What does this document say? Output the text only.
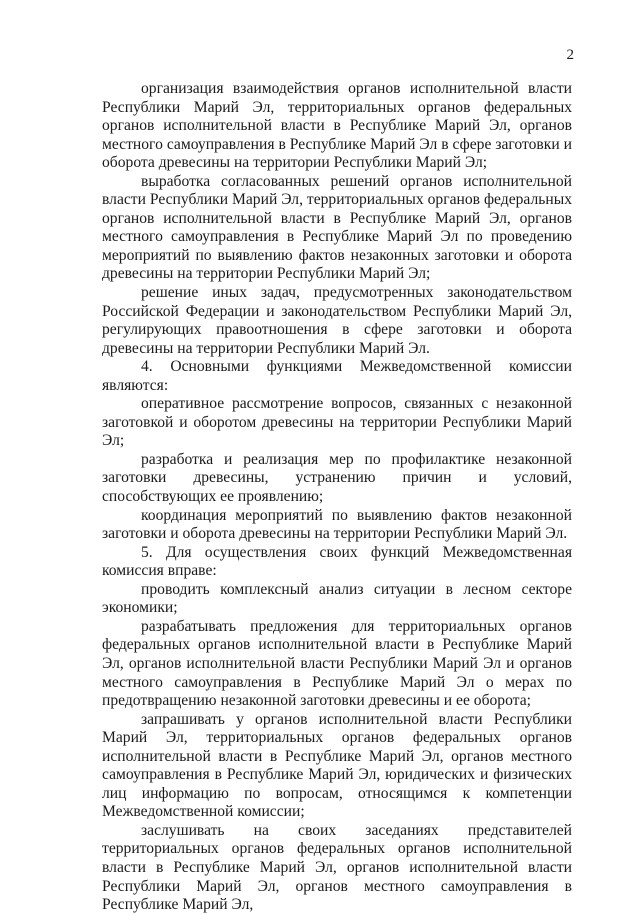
2

организация взаимодействия органов исполнительной власти Республики Марий Эл, территориальных органов федеральных органов исполнительной власти в Республике Марий Эл, органов местного самоуправления в Республике Марий Эл в сфере заготовки и оборота древесины на территории Республики Марий Эл;

выработка согласованных решений органов исполнительной власти Республики Марий Эл, территориальных органов федеральных органов исполнительной власти в Республике Марий Эл, органов местного самоуправления в Республике Марий Эл по проведению мероприятий по выявлению фактов незаконных заготовки и оборота древесины на территории Республики Марий Эл;

решение иных задач, предусмотренных законодательством Российской Федерации и законодательством Республики Марий Эл, регулирующих правоотношения в сфере заготовки и оборота древесины на территории Республики Марий Эл.

4. Основными функциями Межведомственной комиссии являются:

оперативное рассмотрение вопросов, связанных с незаконной заготовкой и оборотом древесины на территории Республики Марий Эл;

разработка и реализация мер по профилактике незаконной заготовки древесины, устранению причин и условий, способствующих ее проявлению;

координация мероприятий по выявлению фактов незаконной заготовки и оборота древесины на территории Республики Марий Эл.

5. Для осуществления своих функций Межведомственная комиссия вправе:

проводить комплексный анализ ситуации в лесном секторе экономики;

разрабатывать предложения для территориальных органов федеральных органов исполнительной власти в Республике Марий Эл, органов исполнительной власти Республики Марий Эл и органов местного самоуправления в Республике Марий Эл о мерах по предотвращению незаконной заготовки древесины и ее оборота;

запрашивать у органов исполнительной власти Республики Марий Эл, территориальных органов федеральных органов исполнительной власти в Республике Марий Эл, органов местного самоуправления в Республике Марий Эл, юридических и физических лиц информацию по вопросам, относящимся к компетенции Межведомственной комиссии;

заслушивать на своих заседаниях представителей территориальных органов федеральных органов исполнительной власти в Республике Марий Эл, органов исполнительной власти Республики Марий Эл, органов местного самоуправления в Республике Марий Эл,
